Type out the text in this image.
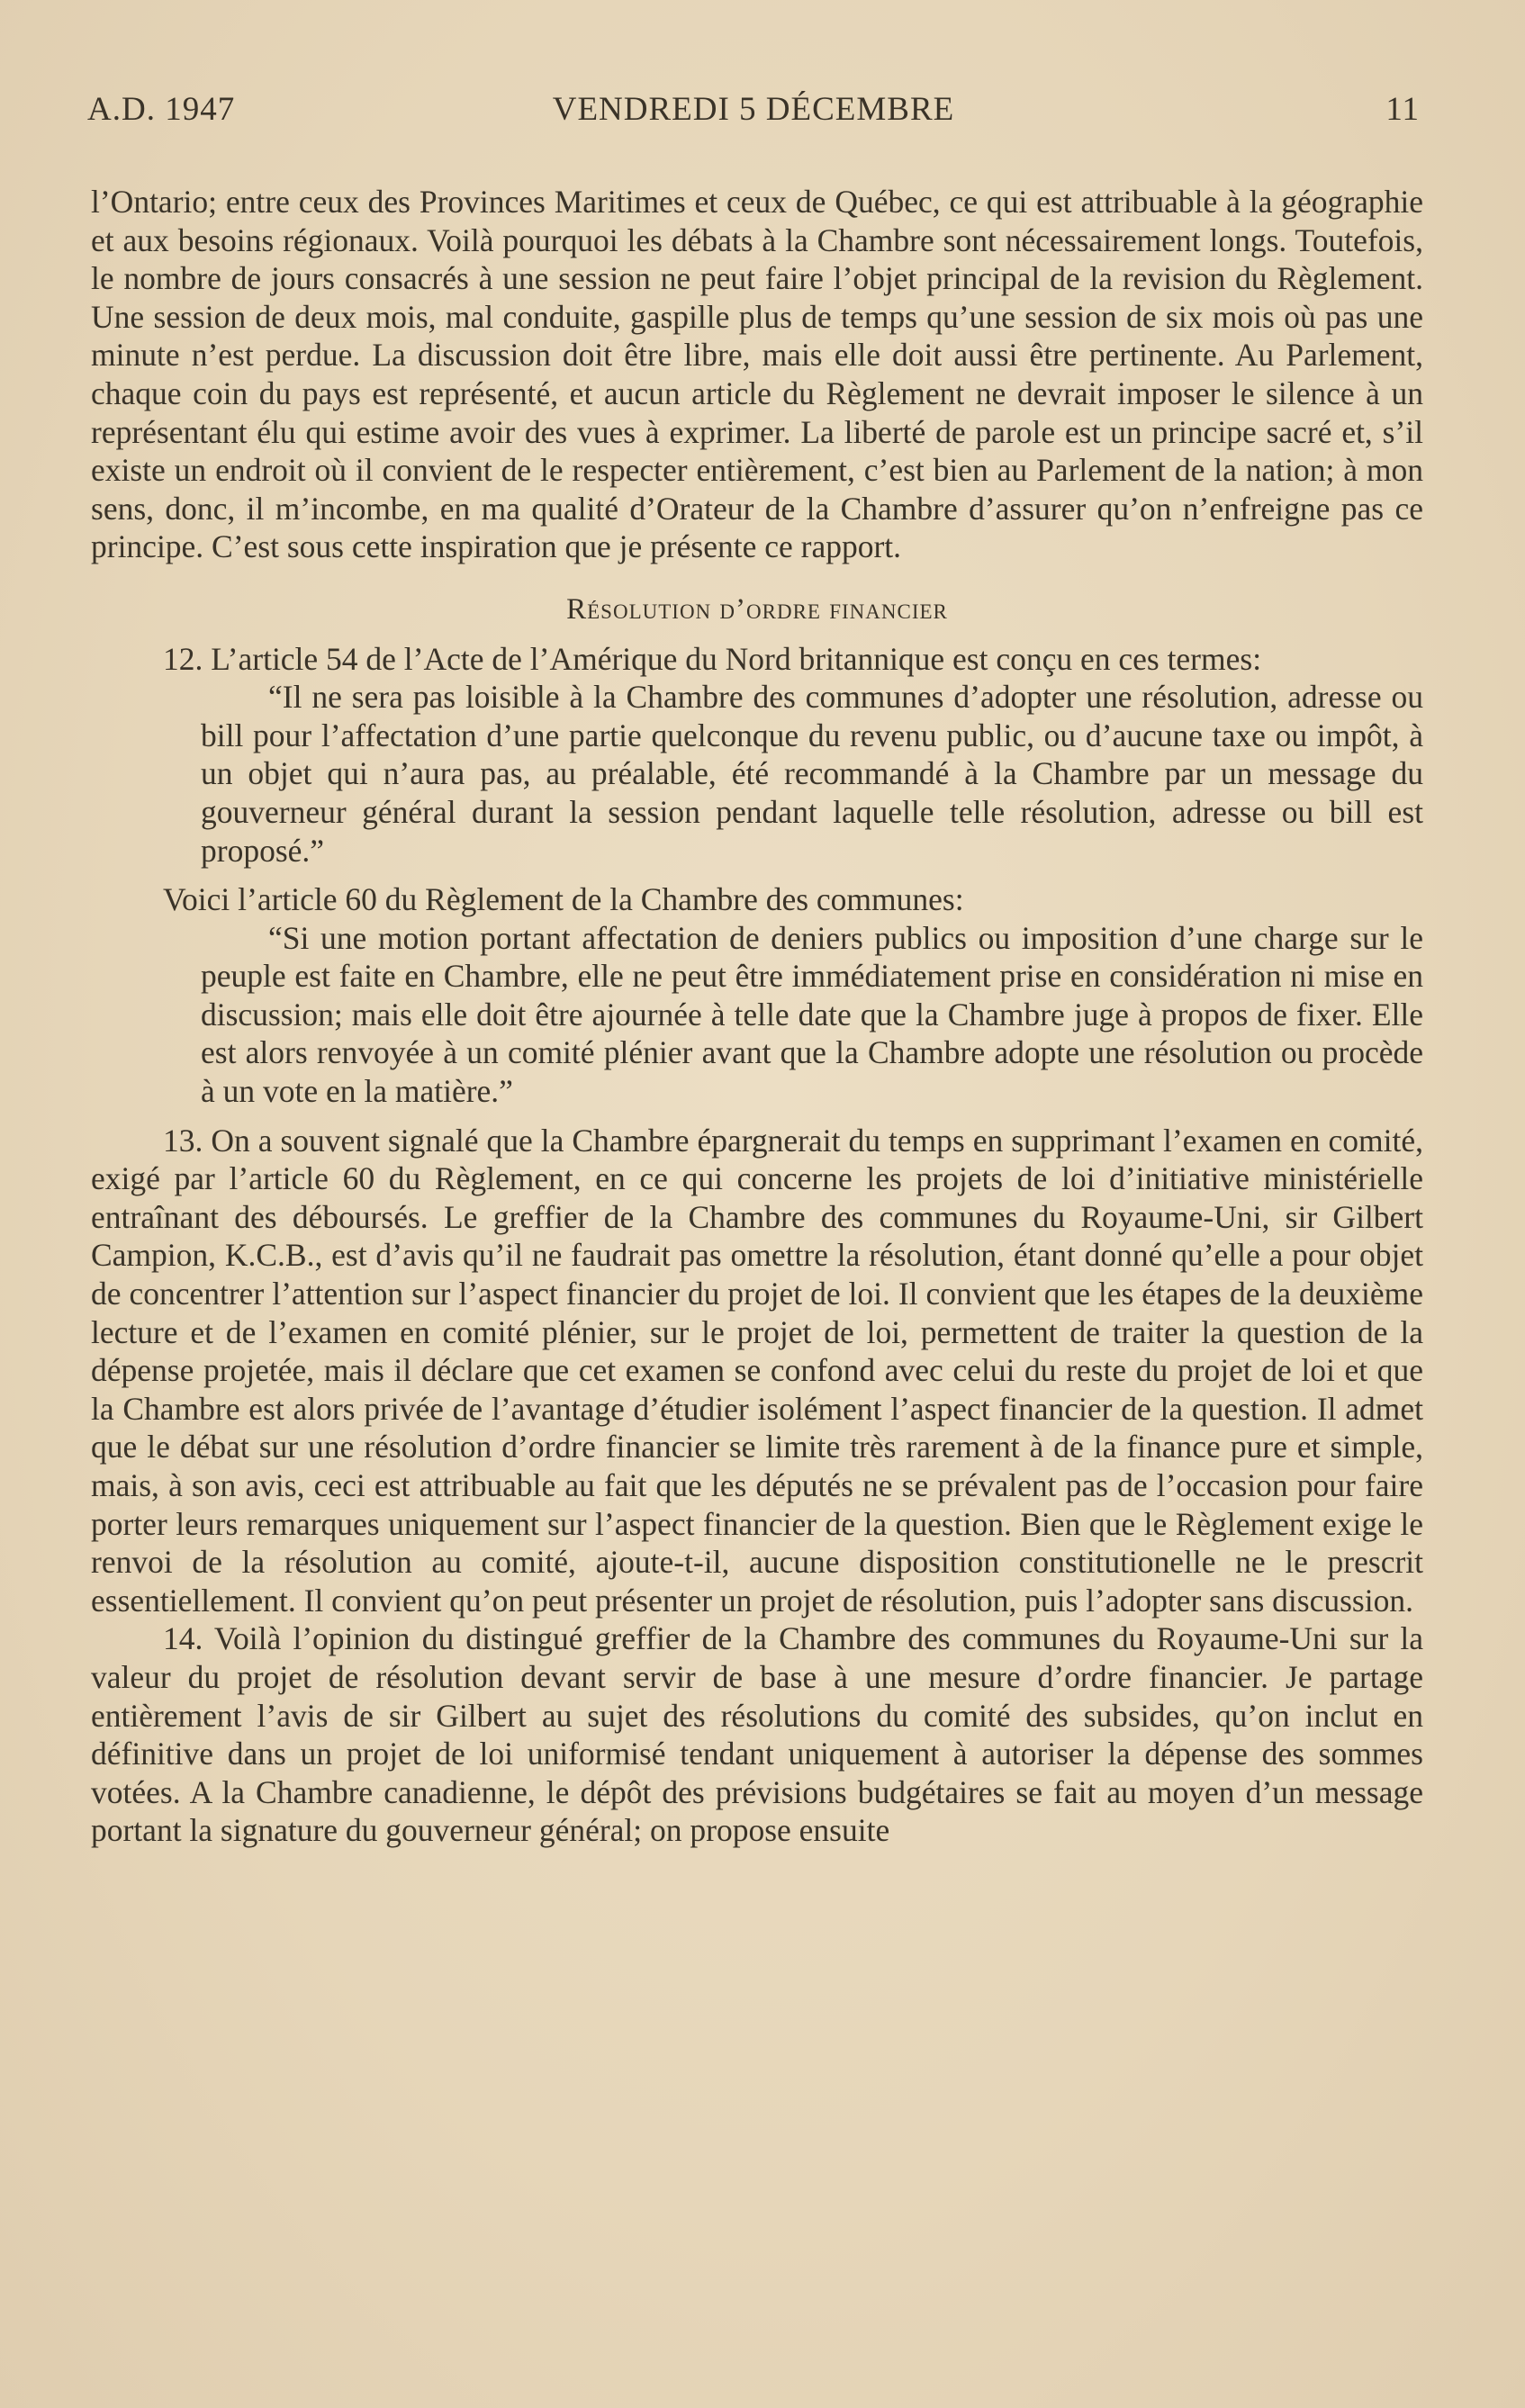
A.D. 1947	VENDREDI 5 DÉCEMBRE	11

l’Ontario; entre ceux des Provinces Maritimes et ceux de Québec, ce qui est attribuable à la géographie et aux besoins régionaux. Voilà pourquoi les débats à la Chambre sont nécessairement longs. Toutefois, le nombre de jours consacrés à une session ne peut faire l’objet principal de la revision du Règlement. Une session de deux mois, mal conduite, gaspille plus de temps qu’une session de six mois où pas une minute n’est perdue. La discussion doit être libre, mais elle doit aussi être pertinente. Au Parlement, chaque coin du pays est représenté, et aucun article du Règlement ne devrait imposer le silence à un représentant élu qui estime avoir des vues à exprimer. La liberté de parole est un principe sacré et, s’il existe un endroit où il convient de le respecter entièrement, c’est bien au Parlement de la nation; à mon sens, donc, il m’incombe, en ma qualité d’Orateur de la Chambre d’assurer qu’on n’enfreigne pas ce principe. C’est sous cette inspiration que je présente ce rapport.

Résolution d’ordre financier

12. L’article 54 de l’Acte de l’Amérique du Nord britannique est conçu en ces termes:

“Il ne sera pas loisible à la Chambre des communes d’adopter une résolution, adresse ou bill pour l’affectation d’une partie quelconque du revenu public, ou d’aucune taxe ou impôt, à un objet qui n’aura pas, au préalable, été recommandé à la Chambre par un message du gouverneur général durant la session pendant laquelle telle résolution, adresse ou bill est proposé.”

Voici l’article 60 du Règlement de la Chambre des communes:

“Si une motion portant affectation de deniers publics ou imposition d’une charge sur le peuple est faite en Chambre, elle ne peut être immédiatement prise en considération ni mise en discussion; mais elle doit être ajournée à telle date que la Chambre juge à propos de fixer. Elle est alors renvoyée à un comité plénier avant que la Chambre adopte une résolution ou procède à un vote en la matière.”

13. On a souvent signalé que la Chambre épargnerait du temps en supprimant l’examen en comité, exigé par l’article 60 du Règlement, en ce qui concerne les projets de loi d’initiative ministérielle entraînant des déboursés. Le greffier de la Chambre des communes du Royaume-Uni, sir Gilbert Campion, K.C.B., est d’avis qu’il ne faudrait pas omettre la résolution, étant donné qu’elle a pour objet de concentrer l’attention sur l’aspect financier du projet de loi. Il convient que les étapes de la deuxième lecture et de l’examen en comité plénier, sur le projet de loi, permettent de traiter la question de la dépense projetée, mais il déclare que cet examen se confond avec celui du reste du projet de loi et que la Chambre est alors privée de l’avantage d’étudier isolément l’aspect financier de la question. Il admet que le débat sur une résolution d’ordre financier se limite très rarement à de la finance pure et simple, mais, à son avis, ceci est attribuable au fait que les députés ne se prévalent pas de l’occasion pour faire porter leurs remarques uniquement sur l’aspect financier de la question. Bien que le Règlement exige le renvoi de la résolution au comité, ajoute-t-il, aucune disposition constitutionelle ne le prescrit essentiellement. Il convient qu’on peut présenter un projet de résolution, puis l’adopter sans discussion.

14. Voilà l’opinion du distingué greffier de la Chambre des communes du Royaume-Uni sur la valeur du projet de résolution devant servir de base à une mesure d’ordre financier. Je partage entièrement l’avis de sir Gilbert au sujet des résolutions du comité des subsides, qu’on inclut en définitive dans un projet de loi uniformisé tendant uniquement à autoriser la dépense des sommes votées. A la Chambre canadienne, le dépôt des prévisions budgétaires se fait au moyen d’un message portant la signature du gouverneur général; on propose ensuite
